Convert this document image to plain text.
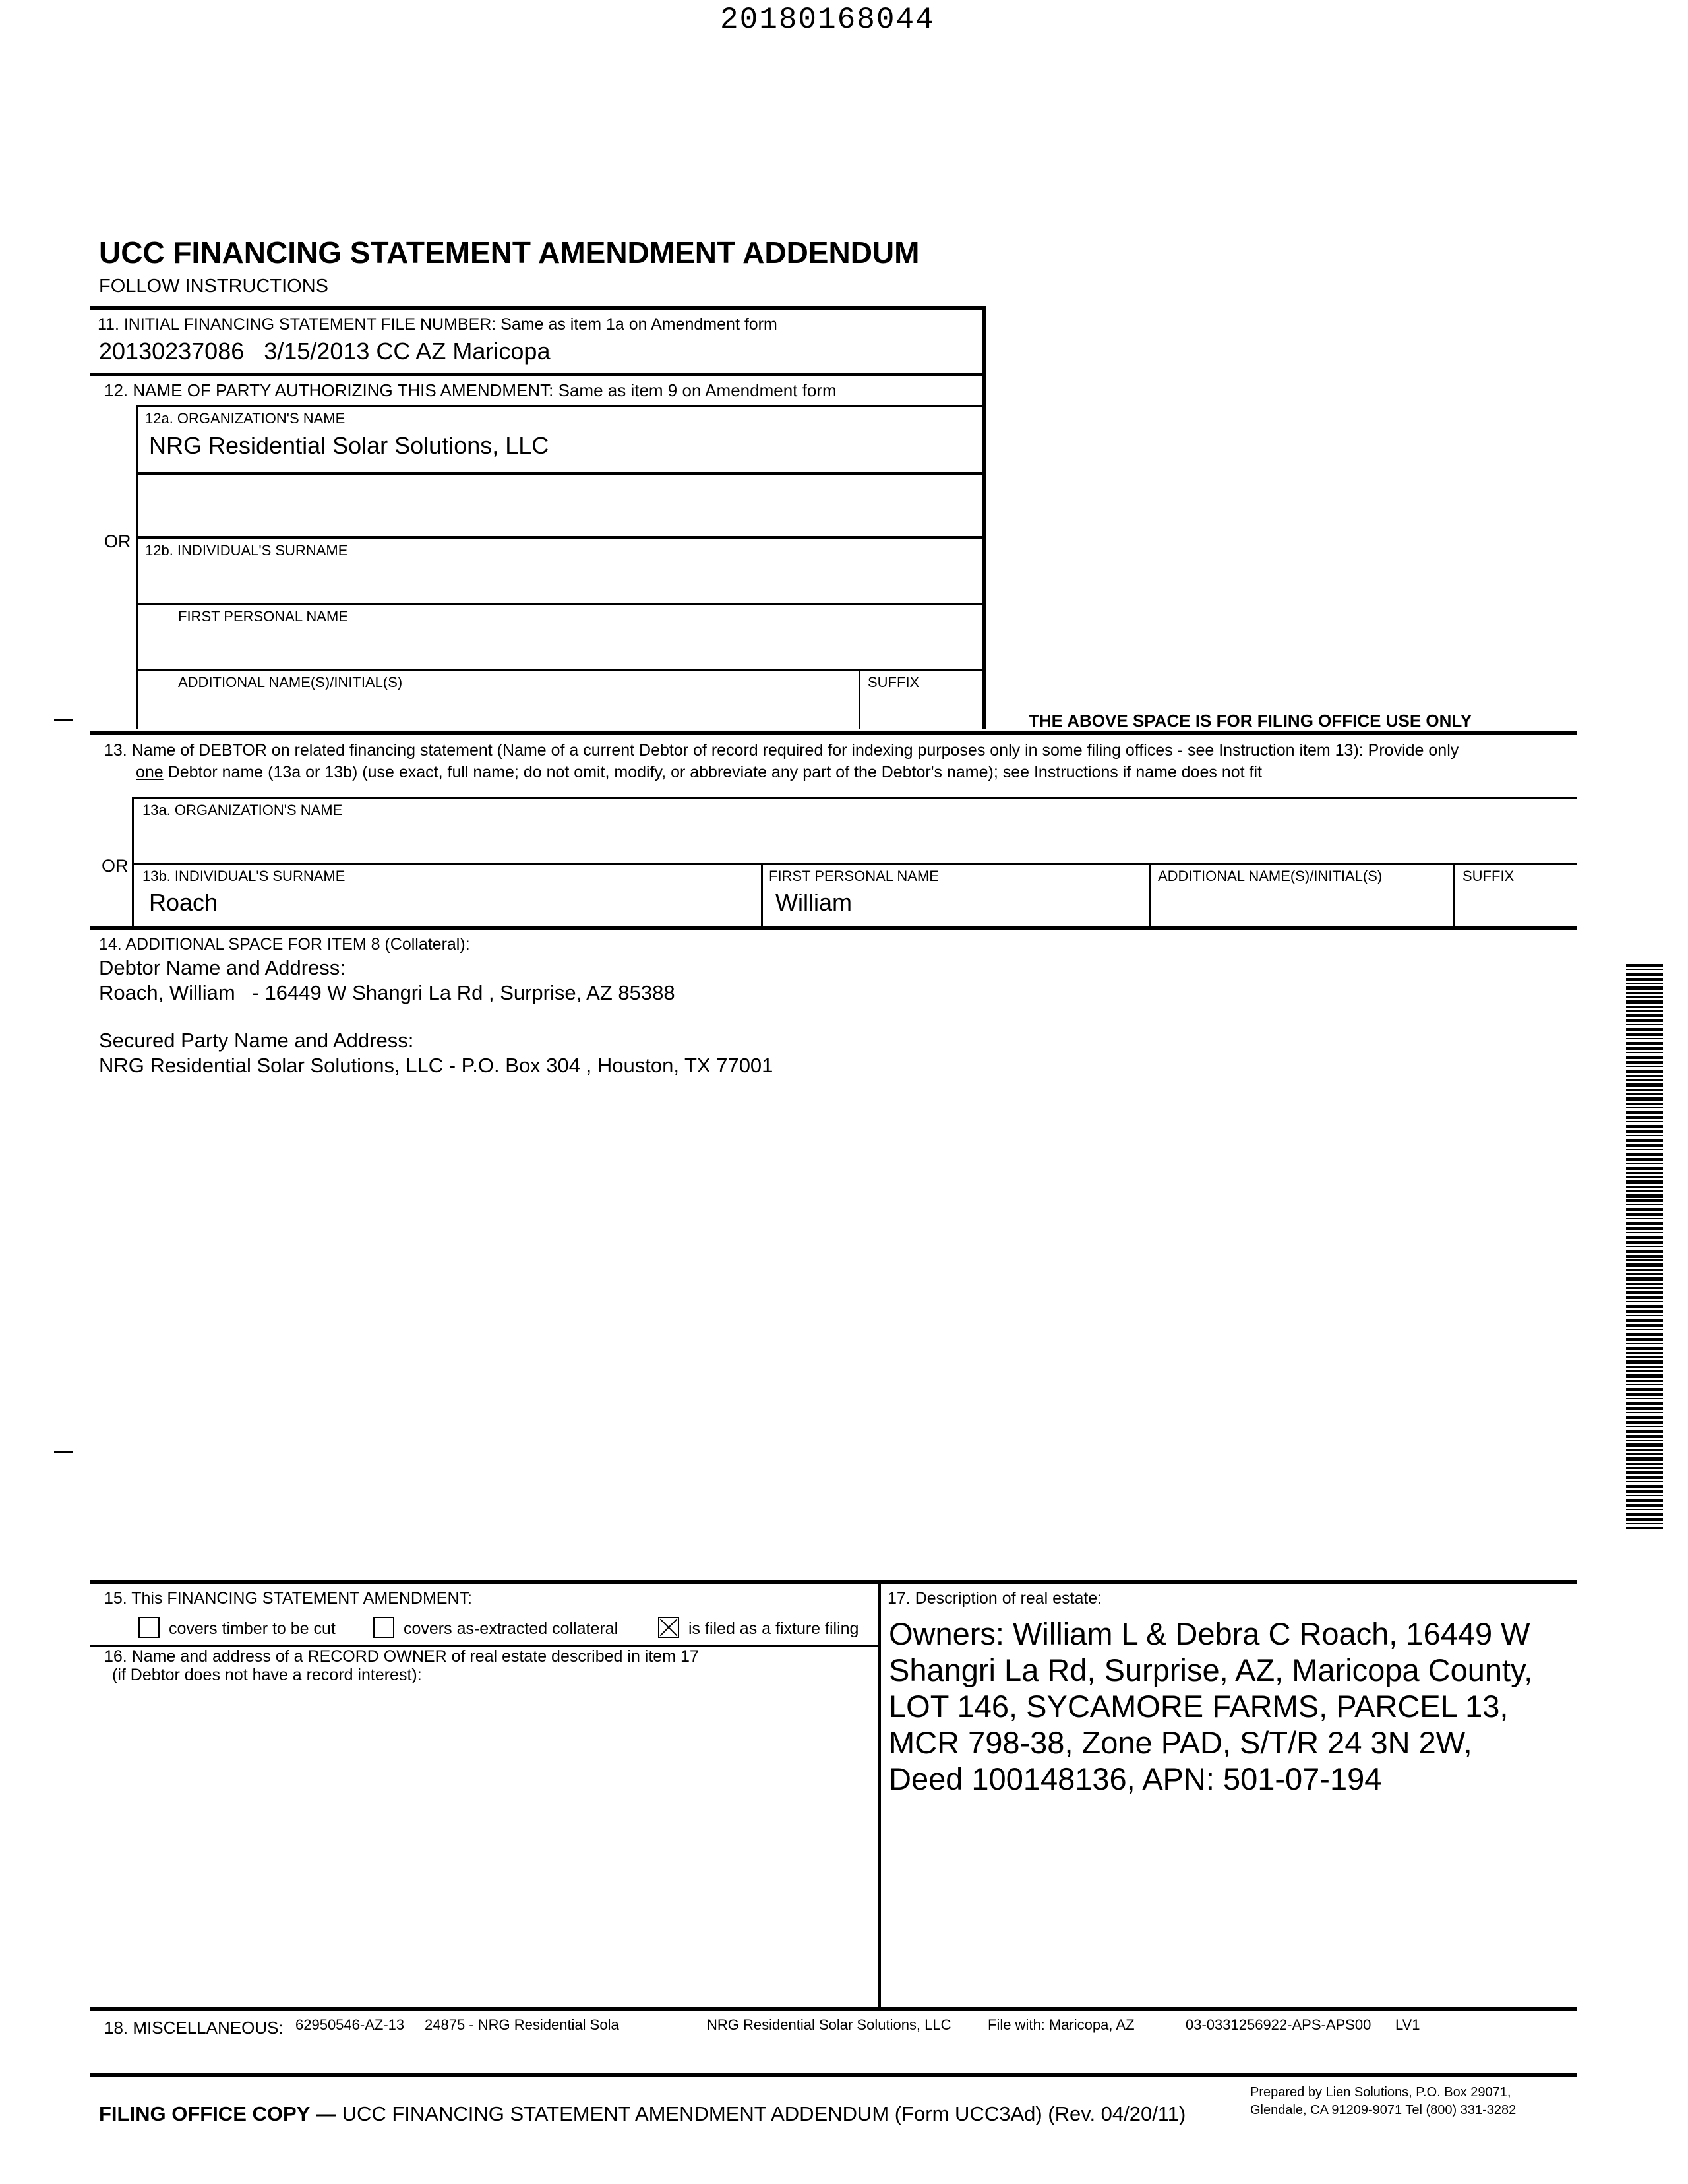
20180168044
UCC FINANCING STATEMENT AMENDMENT ADDENDUM
FOLLOW INSTRUCTIONS
11. INITIAL FINANCING STATEMENT FILE NUMBER: Same as item 1a on Amendment form
20130237086   3/15/2013 CC AZ Maricopa
12. NAME OF PARTY AUTHORIZING THIS AMENDMENT: Same as item 9 on Amendment form
12a. ORGANIZATION'S NAME
NRG Residential Solar Solutions, LLC
OR 12b. INDIVIDUAL'S SURNAME
FIRST PERSONAL NAME
ADDITIONAL NAME(S)/INITIAL(S)	SUFFIX
THE ABOVE SPACE IS FOR FILING OFFICE USE ONLY
13. Name of DEBTOR on related financing statement (Name of a current Debtor of record required for indexing purposes only in some filing offices - see Instruction item 13): Provide only
one Debtor name (13a or 13b) (use exact, full name; do not omit, modify, or abbreviate any part of the Debtor's name); see Instructions if name does not fit
13a. ORGANIZATION'S NAME
OR
13b. INDIVIDUAL'S SURNAME
Roach
FIRST PERSONAL NAME
William
ADDITIONAL NAME(S)/INITIAL(S)	SUFFIX
14. ADDITIONAL SPACE FOR ITEM 8 (Collateral):
Debtor Name and Address:
Roach, William   - 16449 W Shangri La Rd , Surprise, AZ 85388
Secured Party Name and Address:
NRG Residential Solar Solutions, LLC - P.O. Box 304 , Houston, TX 77001
15. This FINANCING STATEMENT AMENDMENT:
covers timber to be cut	covers as-extracted collateral	is filed as a fixture filing
16. Name and address of a RECORD OWNER of real estate described in item 17
(if Debtor does not have a record interest):
17. Description of real estate:
Owners: William L & Debra C Roach, 16449 W
Shangri La Rd, Surprise, AZ, Maricopa County,
LOT 146, SYCAMORE FARMS, PARCEL 13,
MCR 798-38, Zone PAD, S/T/R 24 3N 2W,
Deed 100148136, APN: 501-07-194
18. MISCELLANEOUS: 62950546-AZ-13 24875 - NRG Residential Sola	NRG Residential Solar Solutions, LLC	File with: Maricopa, AZ	03-0331256922-APS-APS00 LV1
FILING OFFICE COPY — UCC FINANCING STATEMENT AMENDMENT ADDENDUM (Form UCC3Ad) (Rev. 04/20/11)
Prepared by Lien Solutions, P.O. Box 29071,
Glendale, CA 91209-9071 Tel (800) 331-3282
